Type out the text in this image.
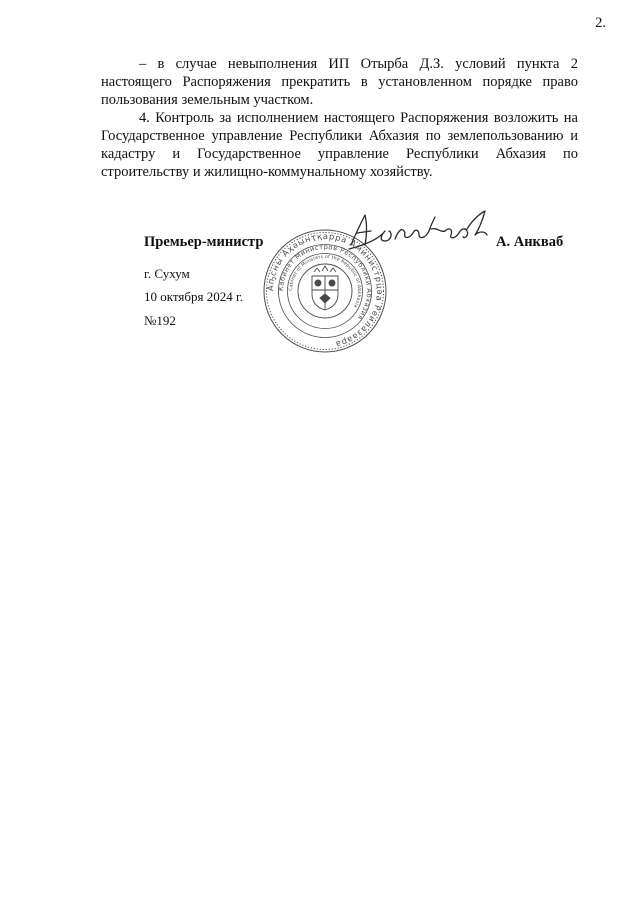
2.

– в случае невыполнения ИП Отырба Д.З. условий пункта 2 настоящего Распоряжения прекратить в установленном порядке право пользования земельным участком.

4. Контроль за исполнением настоящего Распоряжения возложить на Государственное управление Республики Абхазия по землепользованию и кадастру и Государственное управление Республики Абхазия по строительству и жилищно-коммунальному хозяйству.

Аҧсны Аҳәынҭқарра Аминистрцәа Реилазаара
Кабинет Министров Республики Абхазия
Cabinet of Ministers of the Republic of Abkhazia
Премьер-министр	А. Анкваб
г. Сухум
10 октября 2024 г.
№192
